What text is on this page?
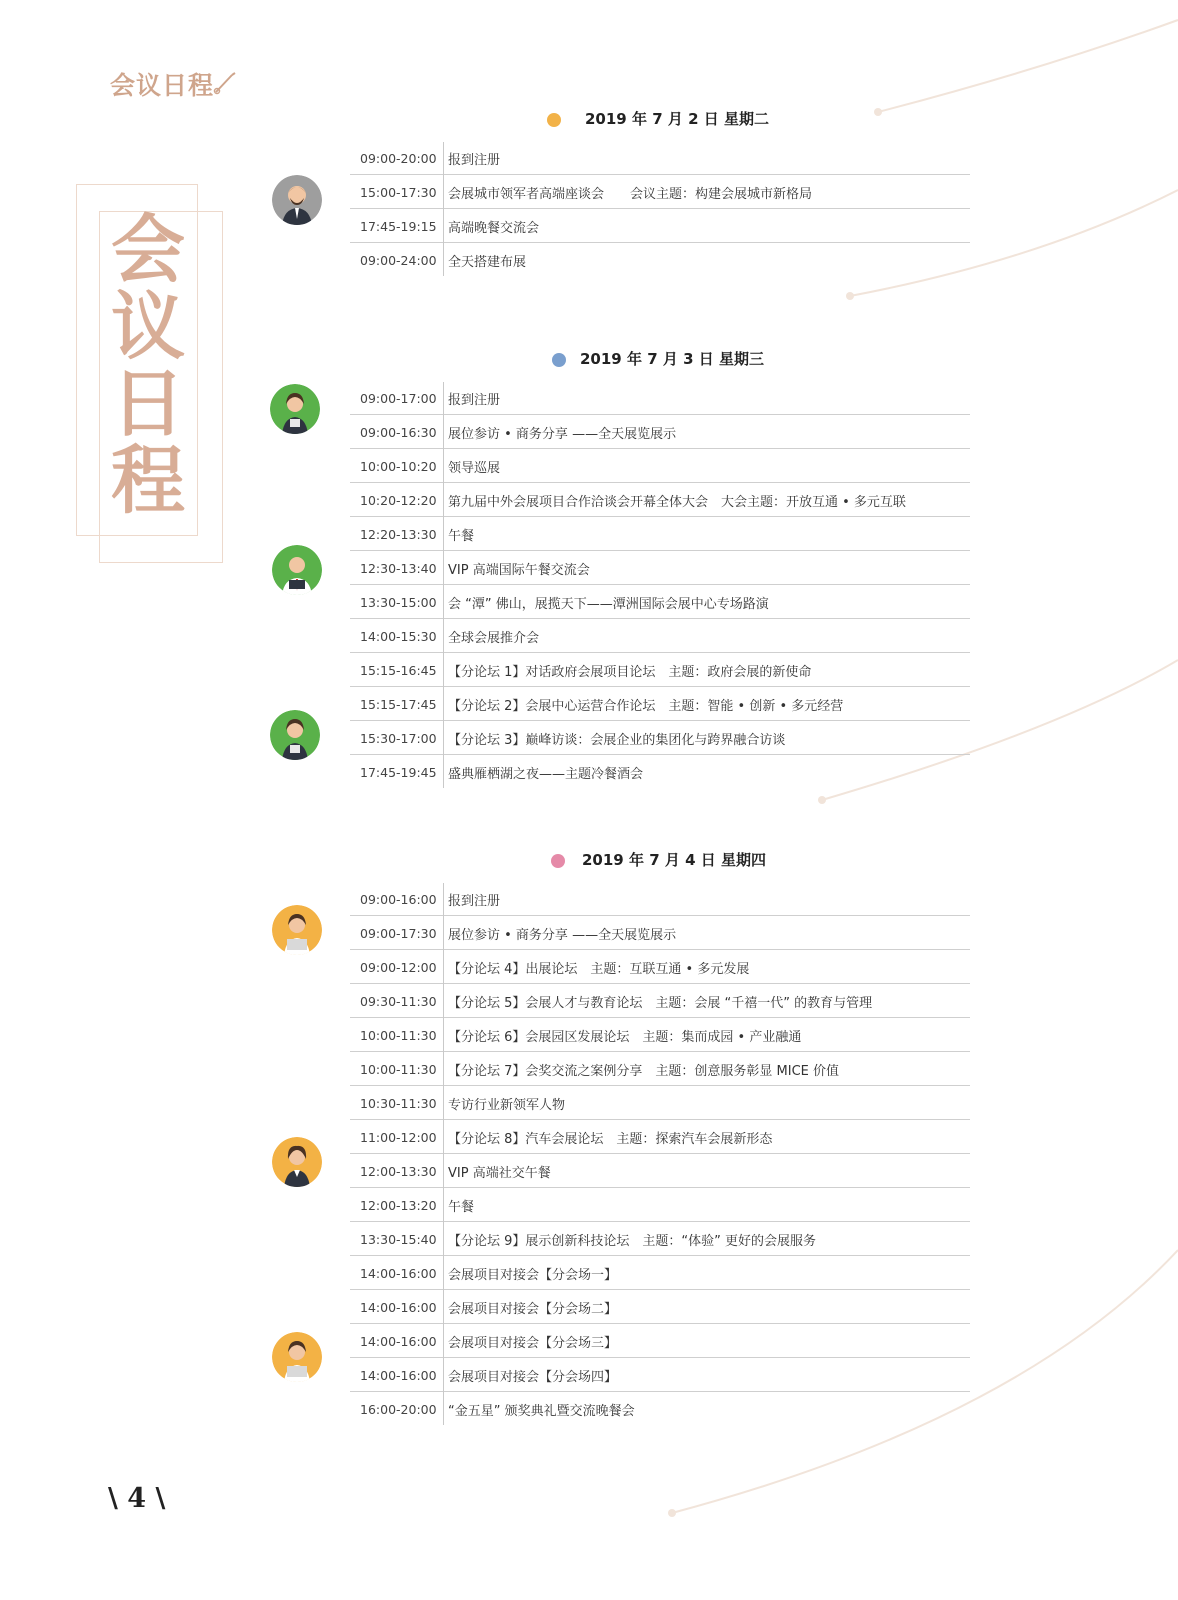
会议日程
会
议
日
程
2019 年 7 月 2 日 星期二
09:00-20:00 报到注册
15:00-17:30 会展城市领军者高端座谈会　　会议主题：构建会展城市新格局
17:45-19:15 高端晚餐交流会
09:00-24:00 全天搭建布展
2019 年 7 月 3 日 星期三
09:00-17:00 报到注册
09:00-16:30 展位参访 • 商务分享 ——全天展览展示
10:00-10:20 领导巡展
10:20-12:20 第九届中外会展项目合作洽谈会开幕全体大会　大会主题：开放互通 • 多元互联
12:20-13:30 午餐
12:30-13:40 VIP 高端国际午餐交流会
13:30-15:00 会 “潭” 佛山，展揽天下——潭洲国际会展中心专场路演
14:00-15:30 全球会展推介会
15:15-16:45 【分论坛 1】对话政府会展项目论坛　主题：政府会展的新使命
15:15-17:45 【分论坛 2】会展中心运营合作论坛　主题：智能 • 创新 • 多元经营
15:30-17:00 【分论坛 3】巅峰访谈：会展企业的集团化与跨界融合访谈
17:45-19:45 盛典雁栖湖之夜——主题冷餐酒会
2019 年 7 月 4 日 星期四
09:00-16:00 报到注册
09:00-17:30 展位参访 • 商务分享 ——全天展览展示
09:00-12:00 【分论坛 4】出展论坛　主题：互联互通 • 多元发展
09:30-11:30 【分论坛 5】会展人才与教育论坛　主题：会展 “千禧一代” 的教育与管理
10:00-11:30 【分论坛 6】会展园区发展论坛　主题：集而成园 • 产业融通
10:00-11:30 【分论坛 7】会奖交流之案例分享　主题：创意服务彰显 MICE 价值
10:30-11:30 专访行业新领军人物
11:00-12:00 【分论坛 8】汽车会展论坛　主题：探索汽车会展新形态
12:00-13:30 VIP 高端社交午餐
12:00-13:20 午餐
13:30-15:40 【分论坛 9】展示创新科技论坛　主题：“体验” 更好的会展服务
14:00-16:00 会展项目对接会【分会场一】
14:00-16:00 会展项目对接会【分会场二】
14:00-16:00 会展项目对接会【分会场三】
14:00-16:00 会展项目对接会【分会场四】
16:00-20:00 “金五星” 颁奖典礼暨交流晚餐会
\ 4 \
